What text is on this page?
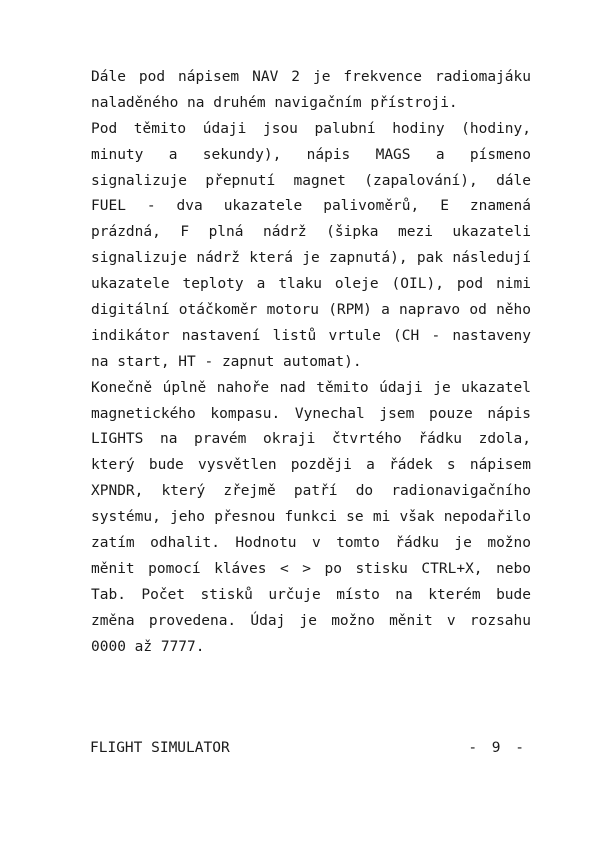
Dále pod nápisem NAV 2 je frekvence radiomajáku
naladěného na druhém navigačním přístroji.
Pod těmito údaji jsou palubní hodiny (hodiny,
minuty a sekundy), nápis MAGS a písmeno
signalizuje přepnutí magnet (zapalování), dále
FUEL - dva ukazatele palivoměrů, E znamená
prázdná, F plná nádrž (šipka mezi ukazateli
signalizuje nádrž která je zapnutá), pak následují
ukazatele teploty a tlaku oleje (OIL), pod nimi
digitální otáčkoměr motoru (RPM) a napravo od něho
indikátor nastavení listů vrtule (CH - nastaveny
na start, HT - zapnut automat).
Konečně úplně nahoře nad těmito údaji je ukazatel
magnetického kompasu. Vynechal jsem pouze nápis
LIGHTS na pravém okraji čtvrtého řádku zdola,
který bude vysvětlen později a řádek s nápisem
XPNDR, který zřejmě patří do radionavigačního
systému, jeho přesnou funkci se mi však nepodařilo
zatím odhalit. Hodnotu v tomto řádku je možno
měnit pomocí kláves < > po stisku CTRL+X, nebo
Tab. Počet stisků určuje místo na kterém bude
změna provedena. Údaj je možno měnit v rozsahu
0000 až 7777.
FLIGHT SIMULATOR	- 9 -
